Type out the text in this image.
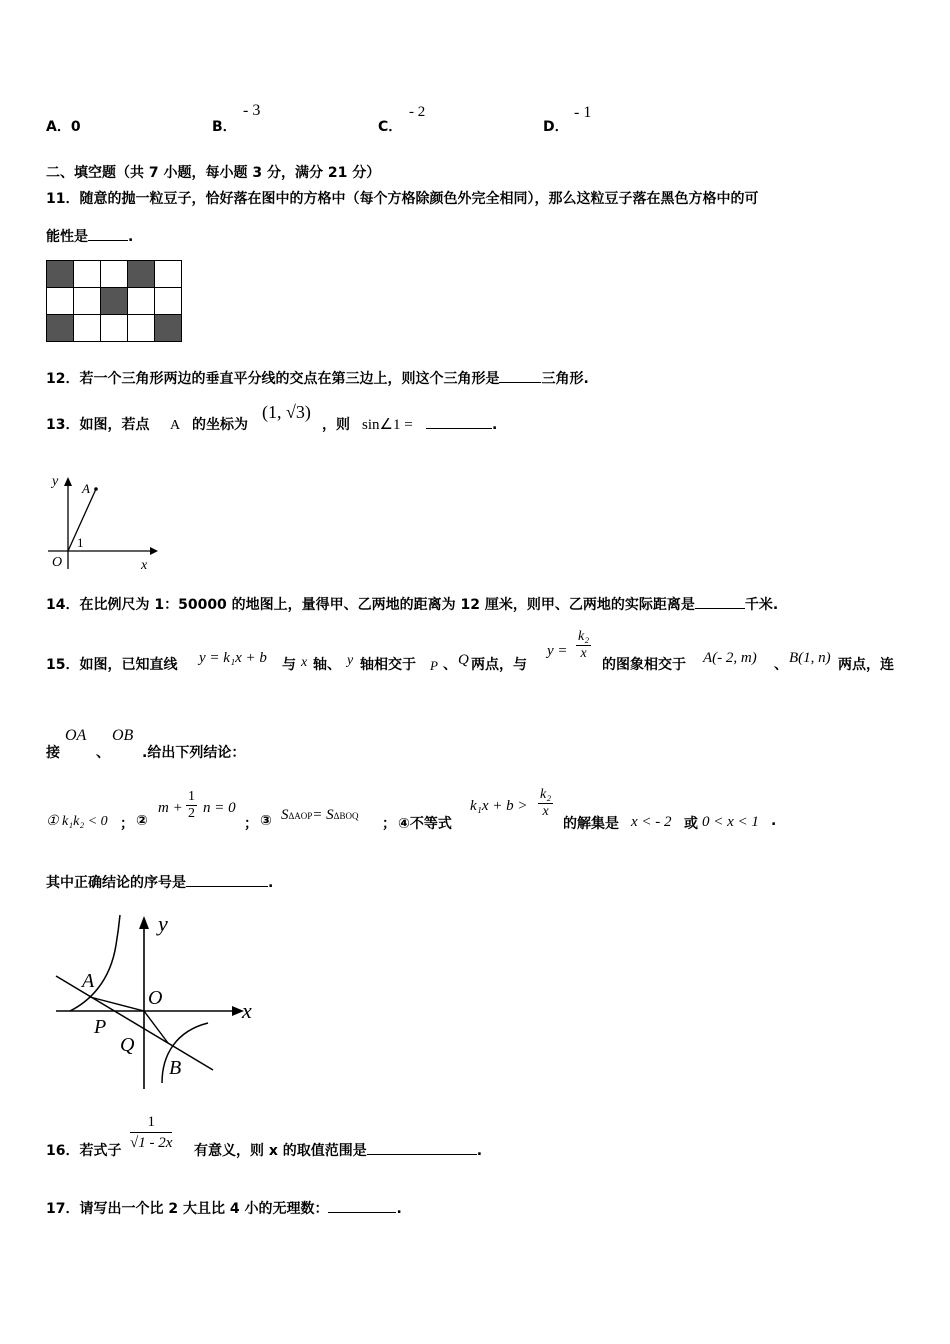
A．0	B．
- 3
C．
- 2
D．
- 1
二、填空题（共 7 小题，每小题 3 分，满分 21 分）
11．随意的抛一粒豆子，恰好落在图中的方格中（每个方格除颜色外完全相同），那么这粒豆子落在黑色方格中的可
能性是	.

12．若一个三角形两边的垂直平分线的交点在第三边上，则这个三角形是	三角形.
13．如图，若点 A 的坐标为
(1, √3)
，则 sin∠1 =	.
y
x
O
A
1
14．在比例尺为 1：50000 的地图上，量得甲、乙两地的距离为 12 厘米，则甲、乙两地的实际距离是	千米.
15．如图，已知直线 y = k₁x + b 与 x 轴、 y 轴相交于 P 、 Q 两点，与
$y = \frac{\text{k₂}}{x}$
的图象相交于 A(- 2, m) 、 B(1, n) 两点，连
接
OA
、
OB
.给出下列结论：
① k₁k₂ < 0 ； ②
$m + \frac{1}{2}$ n = 0
； ③ SΔAOP= SΔBOQ ； ④不等式
$k_1x + b > \frac{\text{k₂}}{x}$
的解集是 x < - 2 或 0 < x < 1 .
其中正确结论的序号是	.
y
x
O
A
P
Q
B
16．若式子 $\frac{1}{√1 - 2x}$ 有意义，则 x 的取值范围是	.
17．请写出一个比 2 大且比 4 小的无理数：	.
